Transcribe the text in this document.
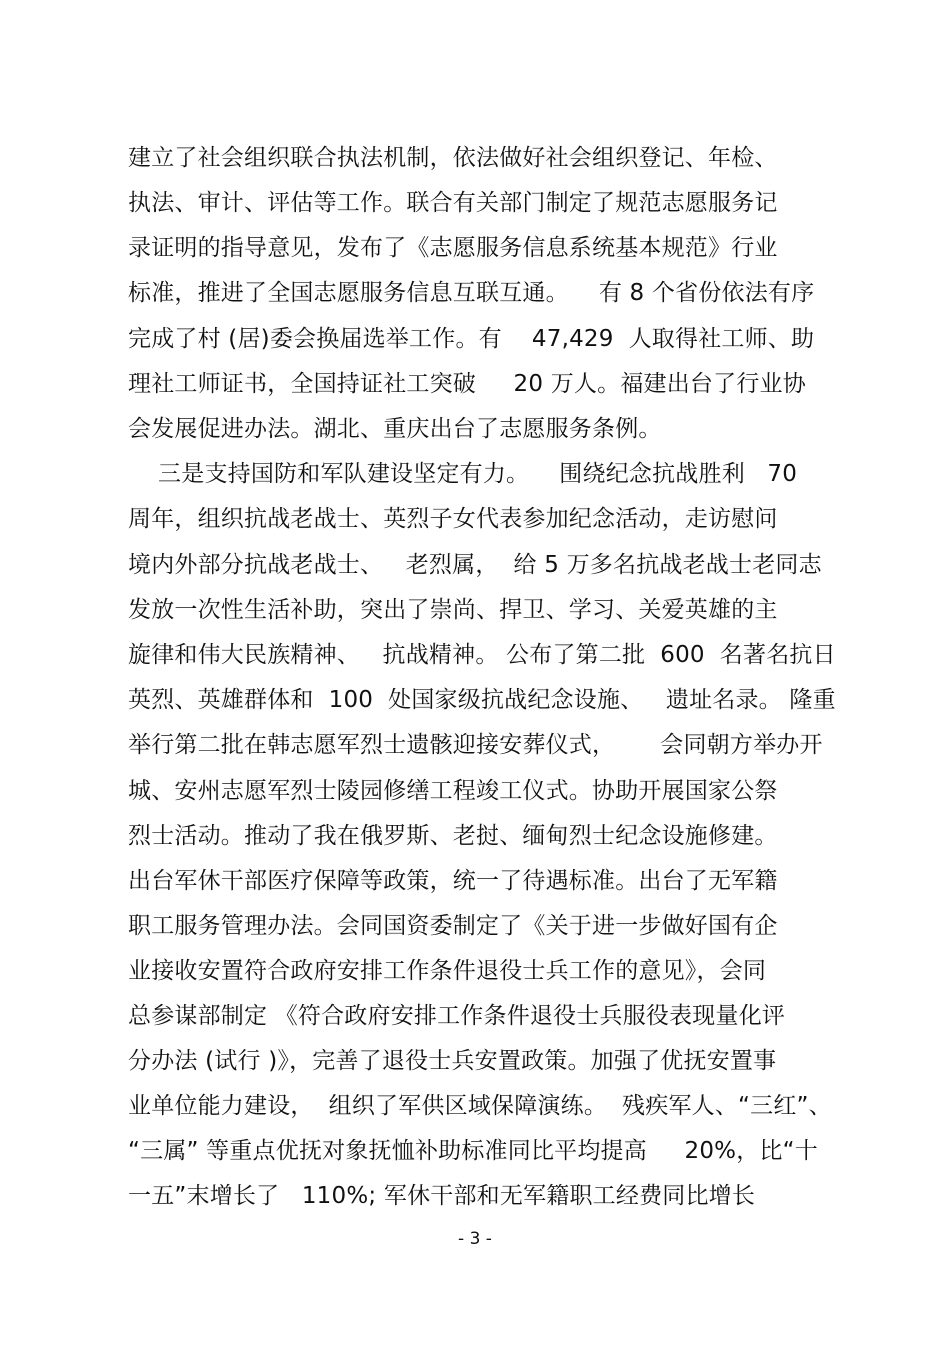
建立了社会组织联合执法机制，依法做好社会组织登记、年检、
执法、审计、评估等工作。联合有关部门制定了规范志愿服务记
录证明的指导意见，发布了《志愿服务信息系统基本规范》行业
标准，推进了全国志愿服务信息互联互通。    有 8 个省份依法有序
完成了村 (居)委会换届选举工作。有    47,429  人取得社工师、助
理社工师证书，全国持证社工突破     20 万人。福建出台了行业协
会发展促进办法。湖北、重庆出台了志愿服务条例。
三是支持国防和军队建设坚定有力。    围绕纪念抗战胜利   70
周年，组织抗战老战士、英烈子女代表参加纪念活动，走访慰问
境内外部分抗战老战士、   老烈属，  给 5 万多名抗战老战士老同志
发放一次性生活补助，突出了崇尚、捍卫、学习、关爱英雄的主
旋律和伟大民族精神、   抗战精神。 公布了第二批  600  名著名抗日
英烈、英雄群体和  100  处国家级抗战纪念设施、   遗址名录。 隆重
举行第二批在韩志愿军烈士遗骸迎接安葬仪式，      会同朝方举办开
城、安州志愿军烈士陵园修缮工程竣工仪式。协助开展国家公祭
烈士活动。推动了我在俄罗斯、老挝、缅甸烈士纪念设施修建。
出台军休干部医疗保障等政策，统一了待遇标准。出台了无军籍
职工服务管理办法。会同国资委制定了《关于进一步做好国有企
业接收安置符合政府安排工作条件退役士兵工作的意见》，会同
总参谋部制定 《符合政府安排工作条件退役士兵服役表现量化评
分办法 (试行 )》，完善了退役士兵安置政策。加强了优抚安置事
业单位能力建设，  组织了军供区域保障演练。  残疾军人、“三红”、
“三属” 等重点优抚对象抚恤补助标准同比平均提高     20%，比“十
一五”末增长了   110%; 军休干部和无军籍职工经费同比增长
- 3 -
